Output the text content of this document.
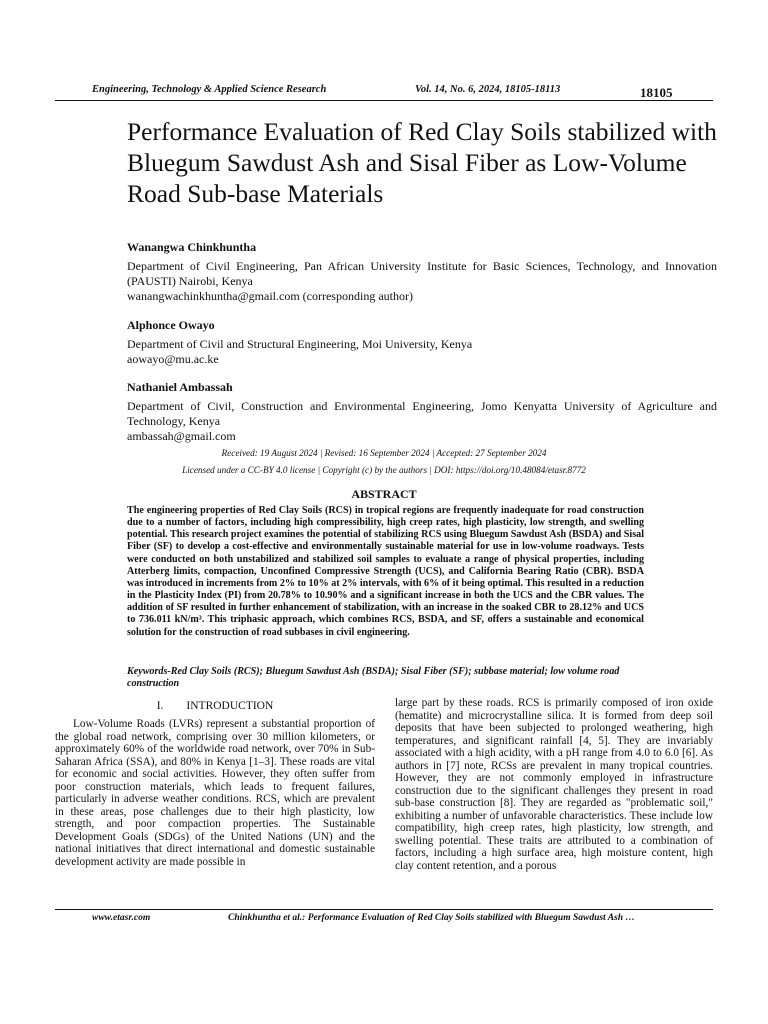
Engineering, Technology & Applied Science Research	Vol. 14, No. 6, 2024, 18105-18113	18105
Performance Evaluation of Red Clay Soils stabilized with Bluegum Sawdust Ash and Sisal Fiber as Low-Volume Road Sub-base Materials
Wanangwa Chinkhuntha
Department of Civil Engineering, Pan African University Institute for Basic Sciences, Technology, and Innovation (PAUSTI) Nairobi, Kenya
wanangwachinkhuntha@gmail.com (corresponding author)
Alphonce Owayo
Department of Civil and Structural Engineering, Moi University, Kenya
aowayo@mu.ac.ke
Nathaniel Ambassah
Department of Civil, Construction and Environmental Engineering, Jomo Kenyatta University of Agriculture and Technology, Kenya
ambassah@gmail.com
Received: 19 August 2024 | Revised: 16 September 2024 | Accepted: 27 September 2024
Licensed under a CC-BY 4.0 license | Copyright (c) by the authors | DOI: https://doi.org/10.48084/etasr.8772
ABSTRACT
The engineering properties of Red Clay Soils (RCS) in tropical regions are frequently inadequate for road construction due to a number of factors, including high compressibility, high creep rates, high plasticity, low strength, and swelling potential. This research project examines the potential of stabilizing RCS using Bluegum Sawdust Ash (BSDA) and Sisal Fiber (SF) to develop a cost-effective and environmentally sustainable material for use in low-volume roadways. Tests were conducted on both unstabilized and stabilized soil samples to evaluate a range of physical properties, including Atterberg limits, compaction, Unconfined Compressive Strength (UCS), and California Bearing Ratio (CBR). BSDA was introduced in increments from 2% to 10% at 2% intervals, with 6% of it being optimal. This resulted in a reduction in the Plasticity Index (PI) from 20.78% to 10.90% and a significant increase in both the UCS and the CBR values. The addition of SF resulted in further enhancement of stabilization, with an increase in the soaked CBR to 28.12% and UCS to 736.011 kN/m³. This triphasic approach, which combines RCS, BSDA, and SF, offers a sustainable and economical solution for the construction of road subbases in civil engineering.
Keywords-Red Clay Soils (RCS); Bluegum Sawdust Ash (BSDA); Sisal Fiber (SF); subbase material; low volume road construction
I.  INTRODUCTION
Low-Volume Roads (LVRs) represent a substantial proportion of the global road network, comprising over 30 million kilometers, or approximately 60% of the worldwide road network, over 70% in Sub-Saharan Africa (SSA), and 80% in Kenya [1–3]. These roads are vital for economic and social activities. However, they often suffer from poor construction materials, which leads to frequent failures, particularly in adverse weather conditions. RCS, which are prevalent in these areas, pose challenges due to their high plasticity, low strength, and poor compaction properties. The Sustainable Development Goals (SDGs) of the United Nations (UN) and the national initiatives that direct international and domestic sustainable development activity are made possible in
large part by these roads. RCS is primarily composed of iron oxide (hematite) and microcrystalline silica. It is formed from deep soil deposits that have been subjected to prolonged weathering, high temperatures, and significant rainfall [4, 5]. They are invariably associated with a high acidity, with a pH range from 4.0 to 6.0 [6]. As authors in [7] note, RCSs are prevalent in many tropical countries. However, they are not commonly employed in infrastructure construction due to the significant challenges they present in road sub-base construction [8]. They are regarded as "problematic soil," exhibiting a number of unfavorable characteristics. These include low compatibility, high creep rates, high plasticity, low strength, and swelling potential. These traits are attributed to a combination of factors, including a high surface area, high moisture content, high clay content retention, and a porous
www.etasr.com	Chinkhuntha et al.: Performance Evaluation of Red Clay Soils stabilized with Bluegum Sawdust Ash …
